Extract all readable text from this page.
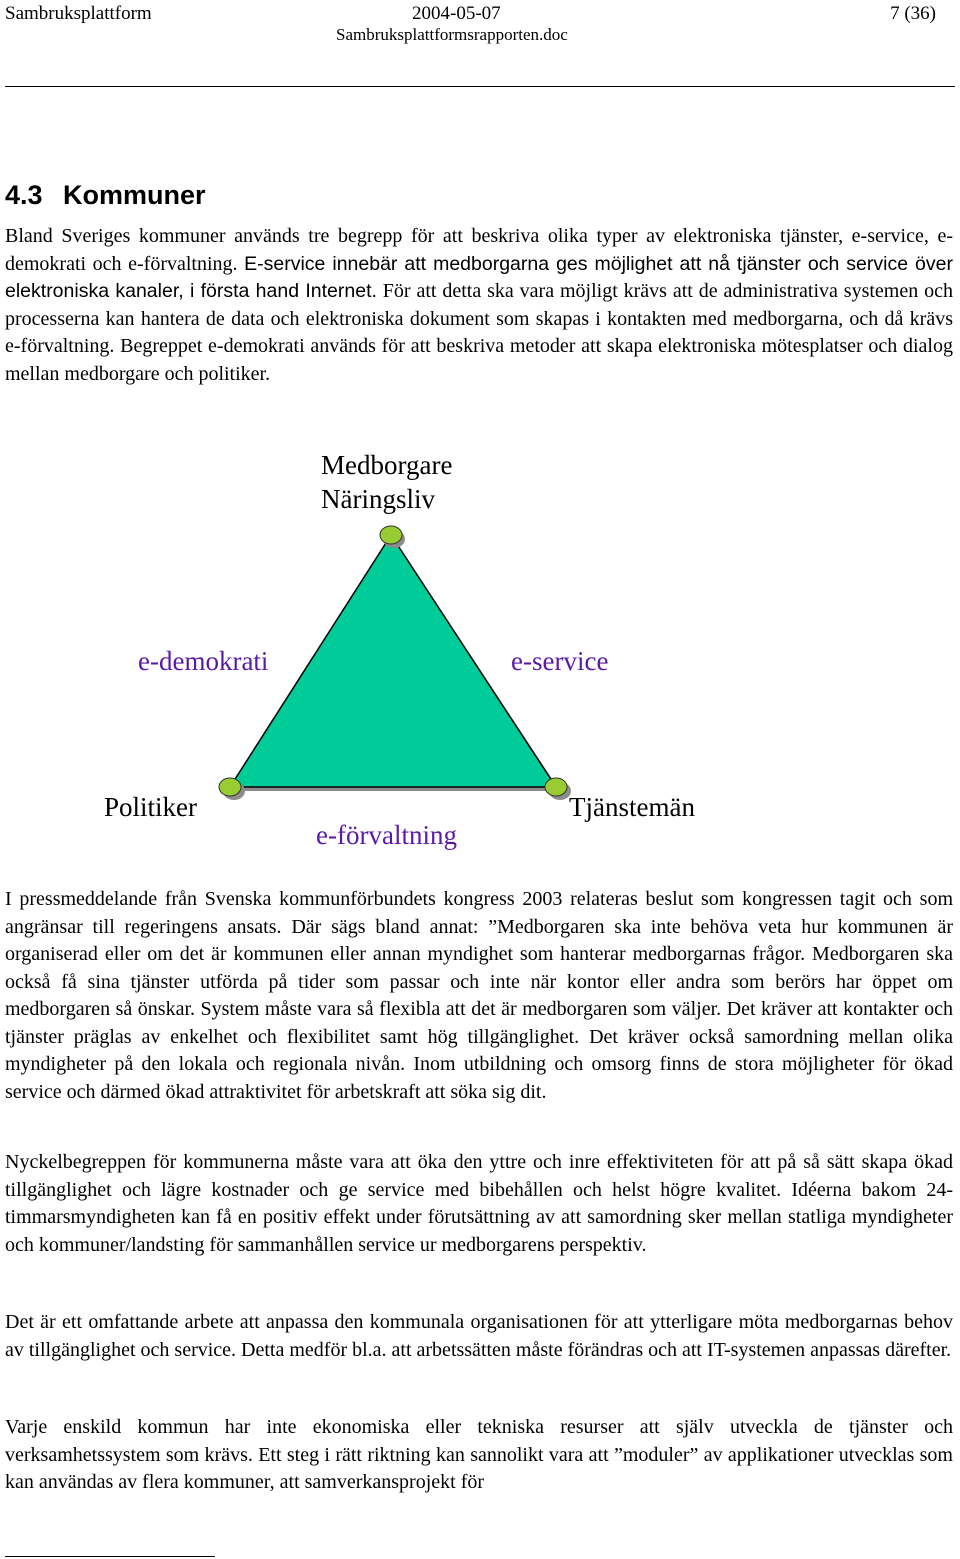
Sambruksplattform	2004-05-07	7 (36)
Sambruksplattformsrapporten.doc
4.3 Kommuner

Bland Sveriges kommuner används tre begrepp för att beskriva olika typer av elektroniska tjänster, e-service, e-demokrati och e-förvaltning. E-service innebär att medborgarna ges möjlighet att nå tjänster och service över elektroniska kanaler, i första hand Internet. För att detta ska vara möjligt krävs att de administrativa systemen och processerna kan hantera de data och elektroniska dokument som skapas i kontakten med medborgarna, och då krävs e-förvaltning. Begreppet e-demokrati används för att beskriva metoder att skapa elektroniska mötesplatser och dialog mellan medborgare och politiker.

Medborgare
Näringsliv
e-demokrati	e-service
Politiker
e-förvaltning
Tjänstemän

I pressmeddelande från Svenska kommunförbundets kongress 2003 relateras beslut som kongressen tagit och som angränsar till regeringens ansats. Där sägs bland annat: ”Medborgaren ska inte behöva veta hur kommunen är organiserad eller om det är kommunen eller annan myndighet som hanterar medborgarnas frågor. Medborgaren ska också få sina tjänster utförda på tider som passar och inte när kontor eller andra som berörs har öppet om medborgaren så önskar. System måste vara så flexibla att det är medborgaren som väljer. Det kräver att kontakter och tjänster präglas av enkelhet och flexibilitet samt hög tillgänglighet. Det kräver också samordning mellan olika myndigheter på den lokala och regionala nivån. Inom utbildning och omsorg finns de stora möjligheter för ökad service och därmed ökad attraktivitet för arbetskraft att söka sig dit.

Nyckelbegreppen för kommunerna måste vara att öka den yttre och inre effektiviteten för att på så sätt skapa ökad tillgänglighet och lägre kostnader och ge service med bibehållen och helst högre kvalitet. Idéerna bakom 24-timmarsmyndigheten kan få en positiv effekt under förutsättning av att samordning sker mellan statliga myndigheter och kommuner/landsting för sammanhållen service ur medborgarens perspektiv.

Det är ett omfattande arbete att anpassa den kommunala organisationen för att ytterligare möta medborgarnas behov av tillgänglighet och service. Detta medför bl.a. att arbetssätten måste förändras och att IT-systemen anpassas därefter.

Varje enskild kommun har inte ekonomiska eller tekniska resurser att själv utveckla de tjänster och verksamhetssystem som krävs. Ett steg i rätt riktning kan sannolikt vara att ”moduler” av applikationer utvecklas som kan användas av flera kommuner, att samverkansprojekt för
